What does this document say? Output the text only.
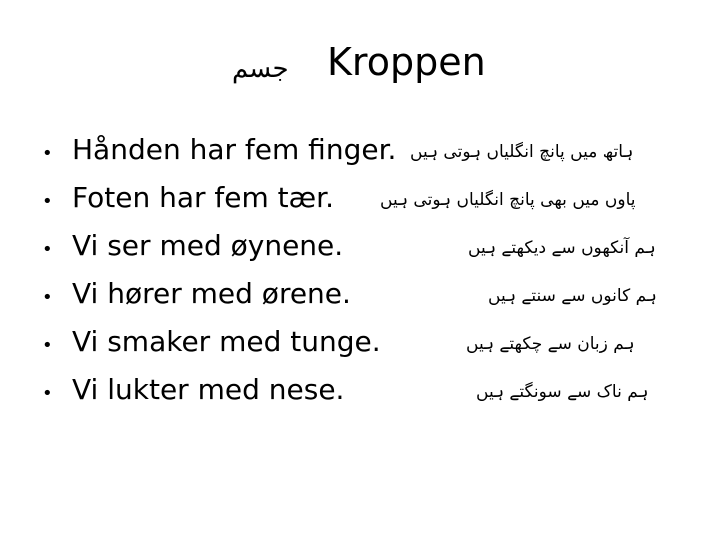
جسم Kroppen
• Hånden har fem finger. ہاتھ میں پانچ انگلیاں ہوتی ہیں
• Foten har fem tær.	پاوں میں بھی پانچ انگلیاں ہوتی ہیں
• Vi ser med øynene.	ہم آنکھوں سے دیکھتے ہیں
• Vi hører med ørene.	ہم کانوں سے سنتے ہیں
• Vi smaker med tunge.	ہم زبان سے چکھتے ہیں
• Vi lukter med nese.	ہم ناک سے سونگتے ہیں
